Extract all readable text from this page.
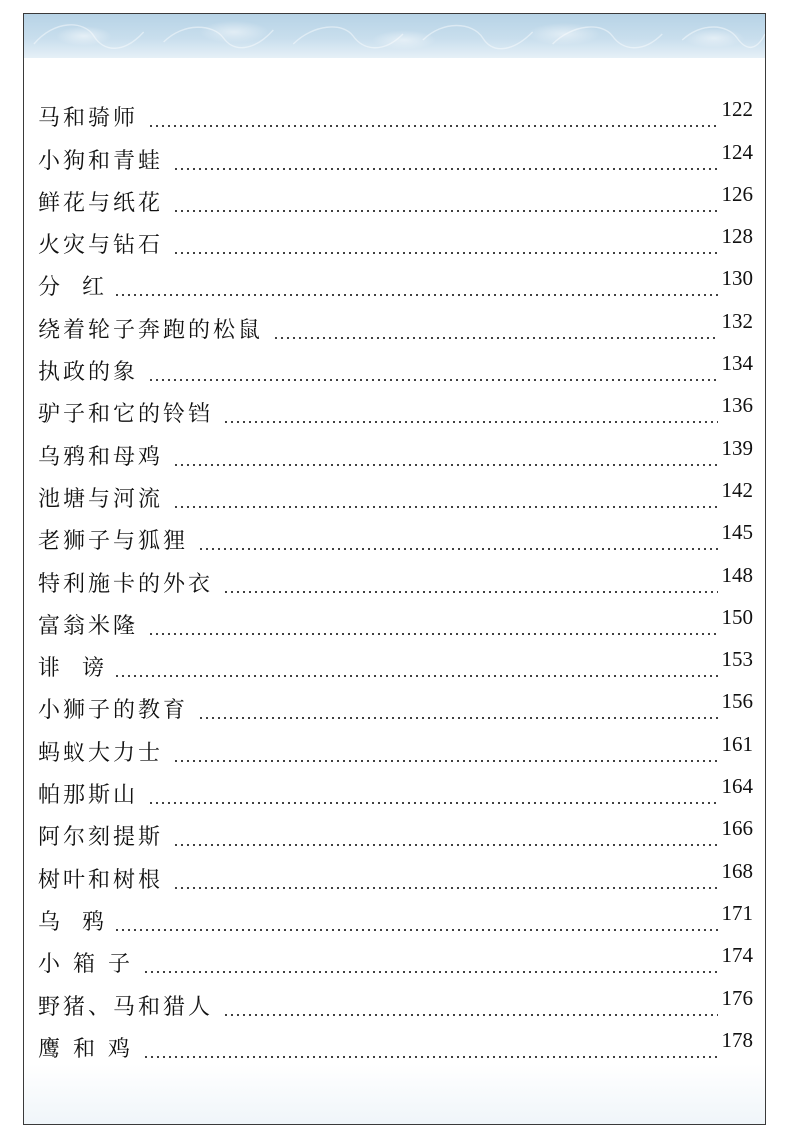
马和骑师	122
小狗和青蛙	124
鲜花与纸花	126
火灾与钻石	128
分　红	130
绕着轮子奔跑的松鼠	132
执政的象	134
驴子和它的铃铛	136
乌鸦和母鸡	139
池塘与河流	142
老狮子与狐狸	145
特利施卡的外衣	148
富翁米隆	150
诽　谤	153
小狮子的教育	156
蚂蚁大力士	161
帕那斯山	164
阿尔刻提斯	166
树叶和树根	168
乌　鸦	171
小 箱 子	174
野猪、马和猎人	176
鹰 和 鸡	178
